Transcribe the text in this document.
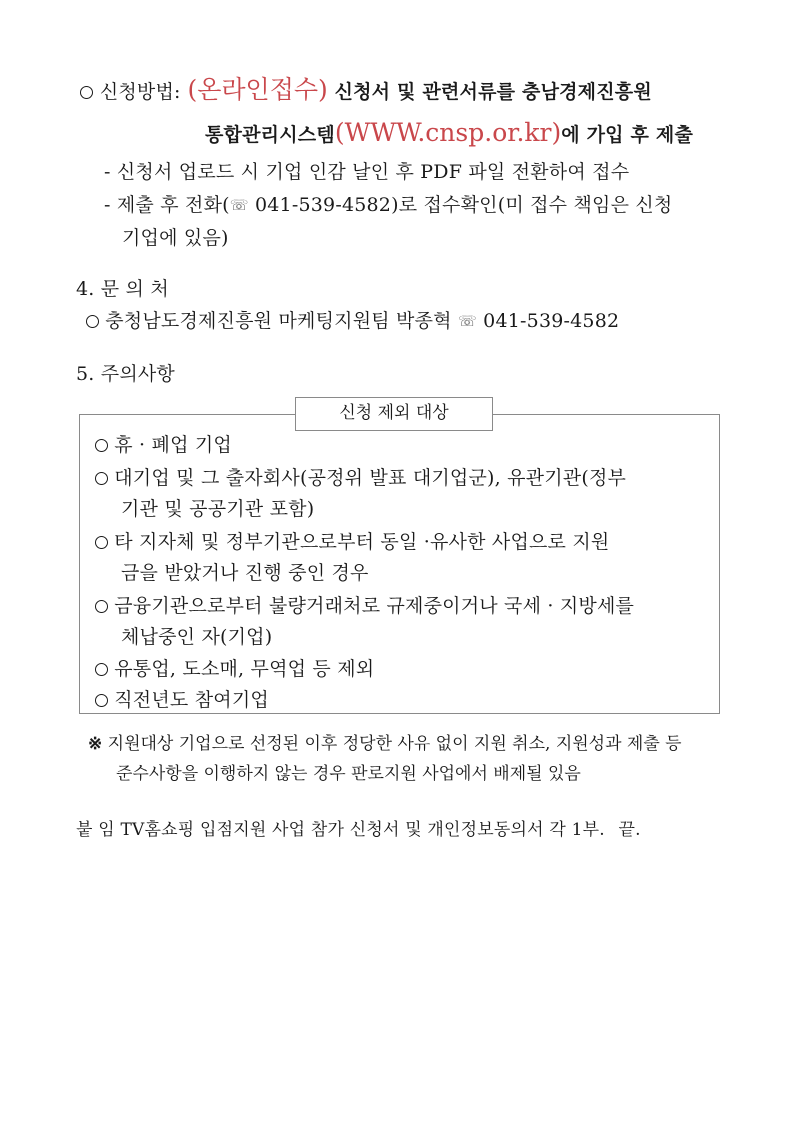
신청방법: (온라인접수) 신청서 및 관련서류를 충남경제진흥원
통합관리시스템(WWW.cnsp.or.kr)에 가입 후 제출
- 신청서 업로드 시 기업 인감 날인 후 PDF 파일 전환하여 접수
- 제출 후 전화(☏ 041-539-4582)로 접수확인(미 접수 책임은 신청
기업에 있음)
4. 문 의 처
충청남도경제진흥원 마케팅지원팀 박종혁 ☏ 041-539-4582
5. 주의사항
신청 제외 대상
휴 · 폐업 기업
대기업 및 그 출자회사(공정위 발표 대기업군), 유관기관(정부
기관 및 공공기관 포함)
타 지자체 및 정부기관으로부터 동일 ·유사한 사업으로 지원
금을 받았거나 진행 중인 경우
금융기관으로부터 불량거래처로 규제중이거나 국세 · 지방세를
체납중인 자(기업)
유통업, 도소매, 무역업 등 제외
직전년도 참여기업
※ 지원대상 기업으로 선정된 이후 정당한 사유 없이 지원 취소, 지원성과 제출 등
준수사항을 이행하지 않는 경우 판로지원 사업에서 배제될 있음
붙 임 TV홈쇼핑 입점지원 사업 참가 신청서 및 개인정보동의서 각 1부. 끝.
